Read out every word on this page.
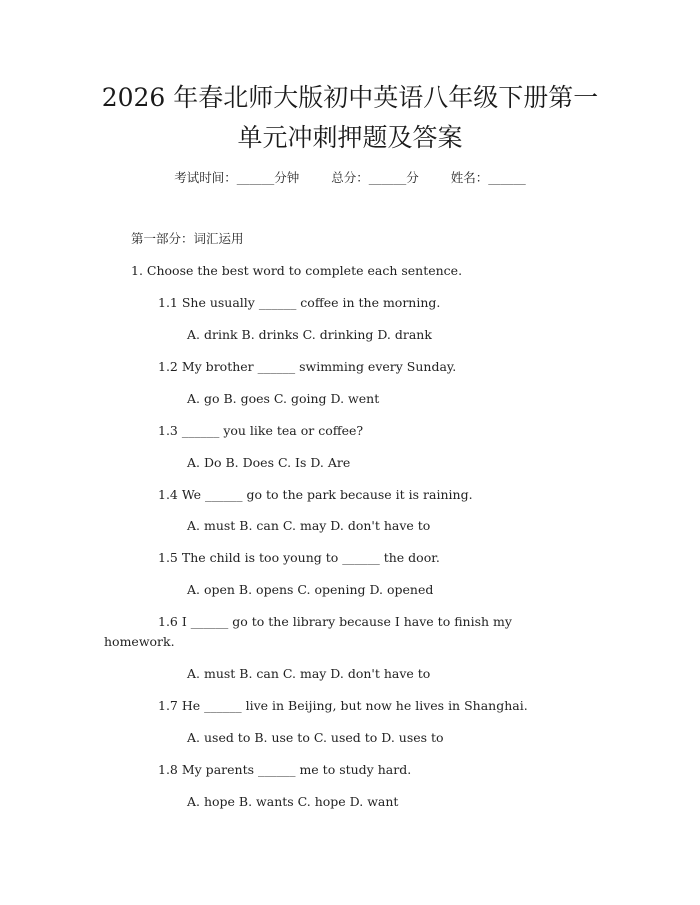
2026 年春北师大版初中英语八年级下册第一
单元冲刺押题及答案
考试时间：______分钟	总分：______分	姓名：______
第一部分：词汇运用
1. Choose the best word to complete each sentence.
1.1 She usually ______ coffee in the morning.
A. drink B. drinks C. drinking D. drank
1.2 My brother ______ swimming every Sunday.
A. go B. goes C. going D. went
1.3 ______ you like tea or coffee?
A. Do B. Does C. Is D. Are
1.4 We ______ go to the park because it is raining.
A. must B. can C. may D. don't have to
1.5 The child is too young to ______ the door.
A. open B. opens C. opening D. opened
1.6 I ______ go to the library because I have to finish my
homework.
A. must B. can C. may D. don't have to
1.7 He ______ live in Beijing, but now he lives in Shanghai.
A. used to B. use to C. used to D. uses to
1.8 My parents ______ me to study hard.
A. hope B. wants C. hope D. want
